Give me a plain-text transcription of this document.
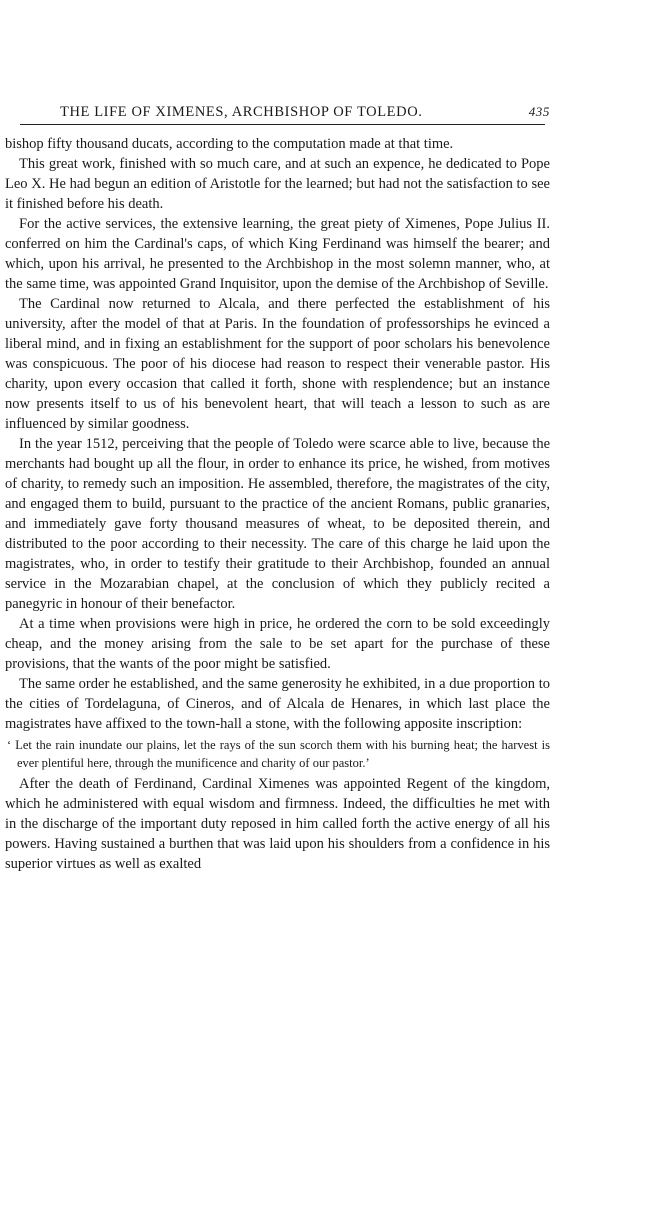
THE LIFE OF XIMENES, ARCHBISHOP OF TOLEDO.	435

bishop fifty thousand ducats, according to the computation made at that time.

This great work, finished with so much care, and at such an expence, he dedicated to Pope Leo X. He had begun an edition of Aristotle for the learned; but had not the satisfaction to see it finished before his death.

For the active services, the extensive learning, the great piety of Ximenes, Pope Julius II. conferred on him the Cardinal's caps, of which King Ferdinand was himself the bearer; and which, upon his arrival, he presented to the Archbishop in the most solemn manner, who, at the same time, was appointed Grand Inquisitor, upon the demise of the Archbishop of Seville.

The Cardinal now returned to Alcala, and there perfected the establishment of his university, after the model of that at Paris. In the foundation of professorships he evinced a liberal mind, and in fixing an establishment for the support of poor scholars his benevolence was conspicuous. The poor of his diocese had reason to respect their venerable pastor. His charity, upon every occasion that called it forth, shone with resplendence; but an instance now presents itself to us of his benevolent heart, that will teach a lesson to such as are influenced by similar goodness.

In the year 1512, perceiving that the people of Toledo were scarce able to live, because the merchants had bought up all the flour, in order to enhance its price, he wished, from motives of charity, to remedy such an imposition. He assembled, therefore, the magistrates of the city, and engaged them to build, pursuant to the practice of the ancient Romans, public granaries, and immediately gave forty thousand measures of wheat, to be deposited therein, and distributed to the poor according to their necessity. The care of this charge he laid upon the magistrates, who, in order to testify their gratitude to their Archbishop, founded an annual service in the Mozarabian chapel, at the conclusion of which they publicly recited a panegyric in honour of their benefactor.

At a time when provisions were high in price, he ordered the corn to be sold exceedingly cheap, and the money arising from the sale to be set apart for the purchase of these provisions, that the wants of the poor might be satisfied.

The same order he established, and the same generosity he exhibited, in a due proportion to the cities of Tordelaguna, of Cineros, and of Alcala de Henares, in which last place the magistrates have affixed to the town-hall a stone, with the following apposite inscription:

‘ Let the rain inundate our plains, let the rays of the sun scorch them with his burning heat; the harvest is ever plentiful here, through the munificence and charity of our pastor.’

After the death of Ferdinand, Cardinal Ximenes was appointed Regent of the kingdom, which he administered with equal wisdom and firmness. Indeed, the difficulties he met with in the discharge of the important duty reposed in him called forth the active energy of all his powers. Having sustained a burthen that was laid upon his shoulders from a confidence in his superior virtues as well as exalted
